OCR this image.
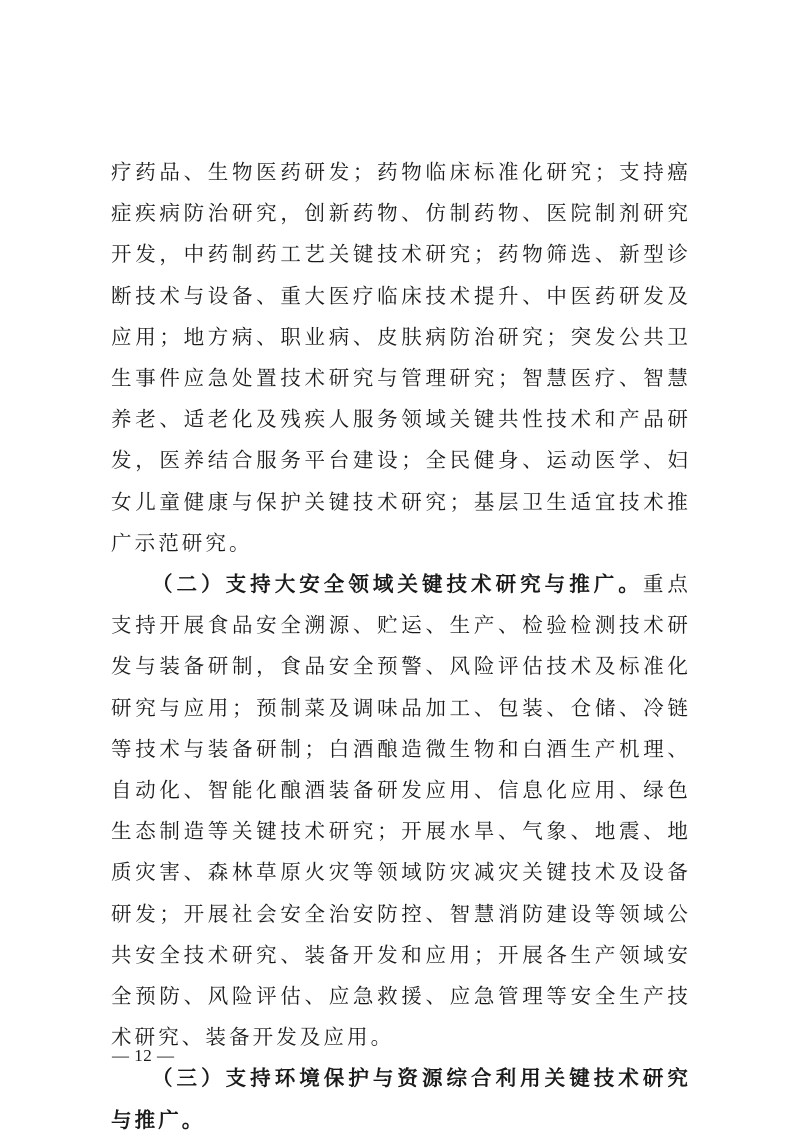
疗药品、生物医药研发；药物临床标准化研究；支持癌症疾病防治研究，创新药物、仿制药物、医院制剂研究开发，中药制药工艺关键技术研究；药物筛选、新型诊断技术与设备、重大医疗临床技术提升、中医药研发及应用；地方病、职业病、皮肤病防治研究；突发公共卫生事件应急处置技术研究与管理研究；智慧医疗、智慧养老、适老化及残疾人服务领域关键共性技术和产品研发，医养结合服务平台建设；全民健身、运动医学、妇女儿童健康与保护关键技术研究；基层卫生适宜技术推广示范研究。

（二）支持大安全领域关键技术研究与推广。重点支持开展食品安全溯源、贮运、生产、检验检测技术研发与装备研制，食品安全预警、风险评估技术及标准化研究与应用；预制菜及调味品加工、包装、仓储、冷链等技术与装备研制；白酒酿造微生物和白酒生产机理、自动化、智能化酿酒装备研发应用、信息化应用、绿色生态制造等关键技术研究；开展水旱、气象、地震、地质灾害、森林草原火灾等领域防灾减灾关键技术及设备研发；开展社会安全治安防控、智慧消防建设等领域公共安全技术研究、装备开发和应用；开展各生产领域安全预防、风险评估、应急救援、应急管理等安全生产技术研究、装备开发及应用。

（三）支持环境保护与资源综合利用关键技术研究与推广。

— 12 —
